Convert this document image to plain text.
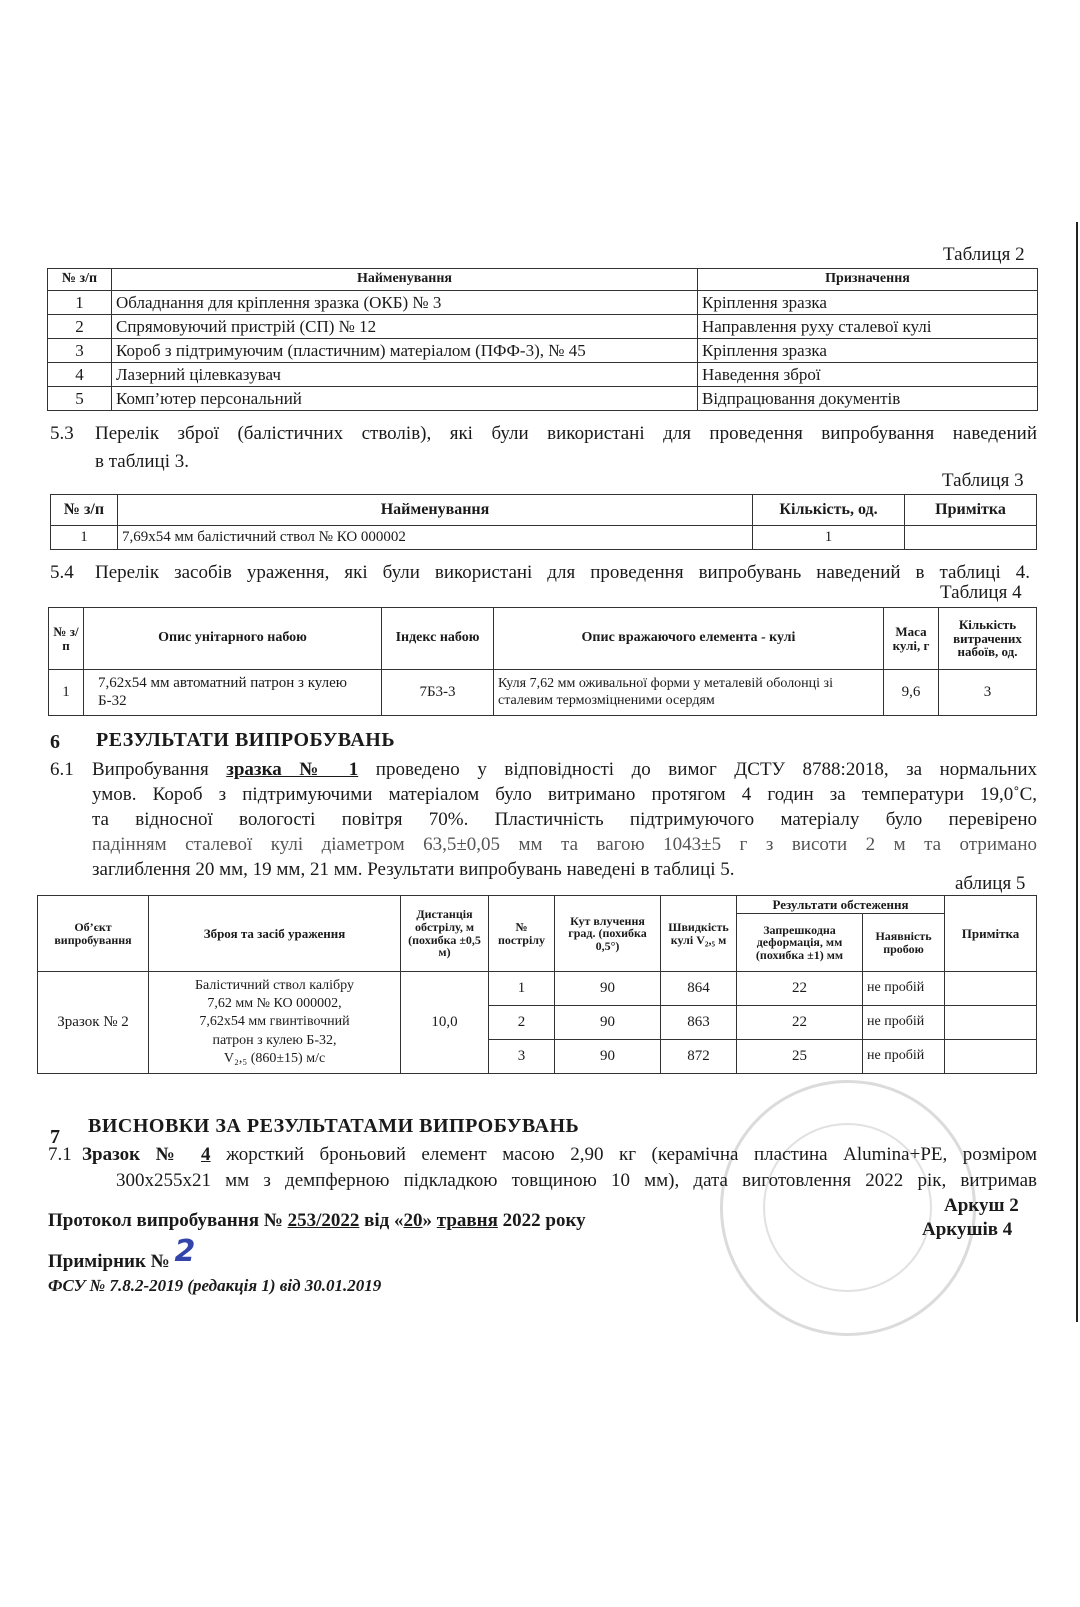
Таблиця 2
№ з/п	Найменування	Призначення
1	Обладнання для кріплення зразка (ОКБ) № 3	Кріплення зразка
2	Спрямовуючий пристрій (СП) № 12	Направлення руху сталевої кулі
3	Короб з підтримуючим (пластичним) матеріалом (ПФФ-3), № 45	Кріплення зразка
4	Лазерний цілевказувач	Наведення зброї
5	Комп’ютер персональний	Відпрацювання документів
5.3 Перелік зброї (балістичних стволів), які були використані для проведення випробування наведений
в таблиці 3.
Таблиця 3
№ з/п	Найменування	Кількість, од.	Примітка
1	7,69х54 мм балістичний ствол № КО 000002	1	
5.4 Перелік засобів ураження, які були використані для проведення випробувань наведений в таблиці 4.
Таблиця 4
№ з/п	Опис унітарного набою	Індекс набою	Опис вражаючого елемента - кулі	Маса кулі, г	Кількість витрачених набоїв, од.
1	7,62х54 мм автоматний патрон з кулею Б-32	7Б3-3	Куля 7,62 мм оживальної форми у металевій оболонці зі сталевим термозміцненими осердям	9,6	3
6 РЕЗУЛЬТАТИ ВИПРОБУВАНЬ
6.1 Випробування зразка № 1 проведено у відповідності до вимог ДСТУ 8788:2018, за нормальних
умов. Короб з підтримуючими матеріалом було витримано протягом 4 годин за температури 19,0˚С,
та відносної вологості повітря 70%. Пластичність підтримуючого матеріалу було перевірено
падінням сталевої кулі діаметром 63,5±0,05 мм та вагою 1043±5 г з висоти 2 м та отримано
заглиблення 20 мм, 19 мм, 21 мм. Результати випробувань наведені в таблиці 5.
аблиця 5
Об’єкт випробування	Зброя та засіб ураження	Дистанція обстрілу, м (похибка ±0,5 м)	№ пострілу	Кут влучення град. (похибка 0,5°)	Швидкість кулі V₂,₅ м	Результати обстеження		Примітка
						Запрешкодна деформація, мм (похибка ±1) мм	Наявність пробою	
Зразок № 2	Балістичний ствол калібру
7,62 мм № КО 000002,
7,62х54 мм гвинтівочний
патрон з кулею Б-32,
V₂,₅ (860±15) м/с	10,0	1	90	864	22	не пробій	
			2	90	863	22	не пробій	
			3	90	872	25	не пробій	
7 ВИСНОВКИ ЗА РЕЗУЛЬТАТАМИ ВИПРОБУВАНЬ
7.1 Зразок № 4 жорсткий броньовий елемент масою 2,90 кг (керамічна пластина Alumina+PE, розміром
300х255х21 мм з демпферною підкладкою товщиною 10 мм), дата виготовлення 2022 рік, витримав
Протокол випробування № 253/2022 від «20» травня 2022 року
Примірник № 2
Аркуш 2
Аркушів 4
ФСУ № 7.8.2-2019 (редакція 1) від 30.01.2019
